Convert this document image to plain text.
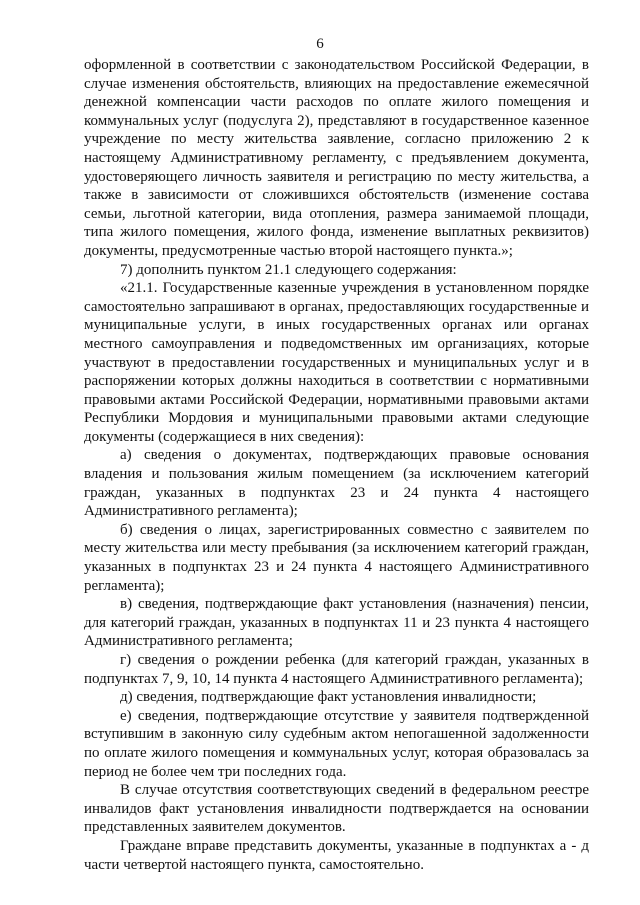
6

оформленной в соответствии с законодательством Российской Федерации, в случае изменения обстоятельств, влияющих на предоставление ежемесячной денежной компенсации части расходов по оплате жилого помещения и коммунальных услуг (подуслуга 2), представляют в государственное казенное учреждение по месту жительства заявление, согласно приложению 2 к настоящему Административному регламенту, с предъявлением документа, удостоверяющего личность заявителя и регистрацию по месту жительства, а также в зависимости от сложившихся обстоятельств (изменение состава семьи, льготной категории, вида отопления, размера занимаемой площади, типа жилого помещения, жилого фонда, изменение выплатных реквизитов) документы, предусмотренные частью второй настоящего пункта.»;

7) дополнить пунктом 21.1 следующего содержания:

«21.1. Государственные казенные учреждения в установленном порядке самостоятельно запрашивают в органах, предоставляющих государственные и муниципальные услуги, в иных государственных органах или органах местного самоуправления и подведомственных им организациях, которые участвуют в предоставлении государственных и муниципальных услуг и в распоряжении которых должны находиться в соответствии с нормативными правовыми актами Российской Федерации, нормативными правовыми актами Республики Мордовия и муниципальными правовыми актами следующие документы (содержащиеся в них сведения):

а) сведения о документах, подтверждающих правовые основания владения и пользования жилым помещением (за исключением категорий граждан, указанных в подпунктах 23 и 24 пункта 4 настоящего Административного регламента);

б) сведения о лицах, зарегистрированных совместно с заявителем по месту жительства или месту пребывания (за исключением категорий граждан, указанных в подпунктах 23 и 24 пункта 4 настоящего Административного регламента);

в) сведения, подтверждающие факт установления (назначения) пенсии, для категорий граждан, указанных в подпунктах 11 и 23 пункта 4 настоящего Административного регламента;

г) сведения о рождении ребенка (для категорий граждан, указанных в подпунктах 7, 9, 10, 14 пункта 4 настоящего Административного регламента);

д) сведения, подтверждающие факт установления инвалидности;

е) сведения, подтверждающие отсутствие у заявителя подтвержденной вступившим в законную силу судебным актом непогашенной задолженности по оплате жилого помещения и коммунальных услуг, которая образовалась за период не более чем три последних года.

В случае отсутствия соответствующих сведений в федеральном реестре инвалидов факт установления инвалидности подтверждается на основании представленных заявителем документов.

Граждане вправе представить документы, указанные в подпунктах а - д части четвертой настоящего пункта, самостоятельно.
